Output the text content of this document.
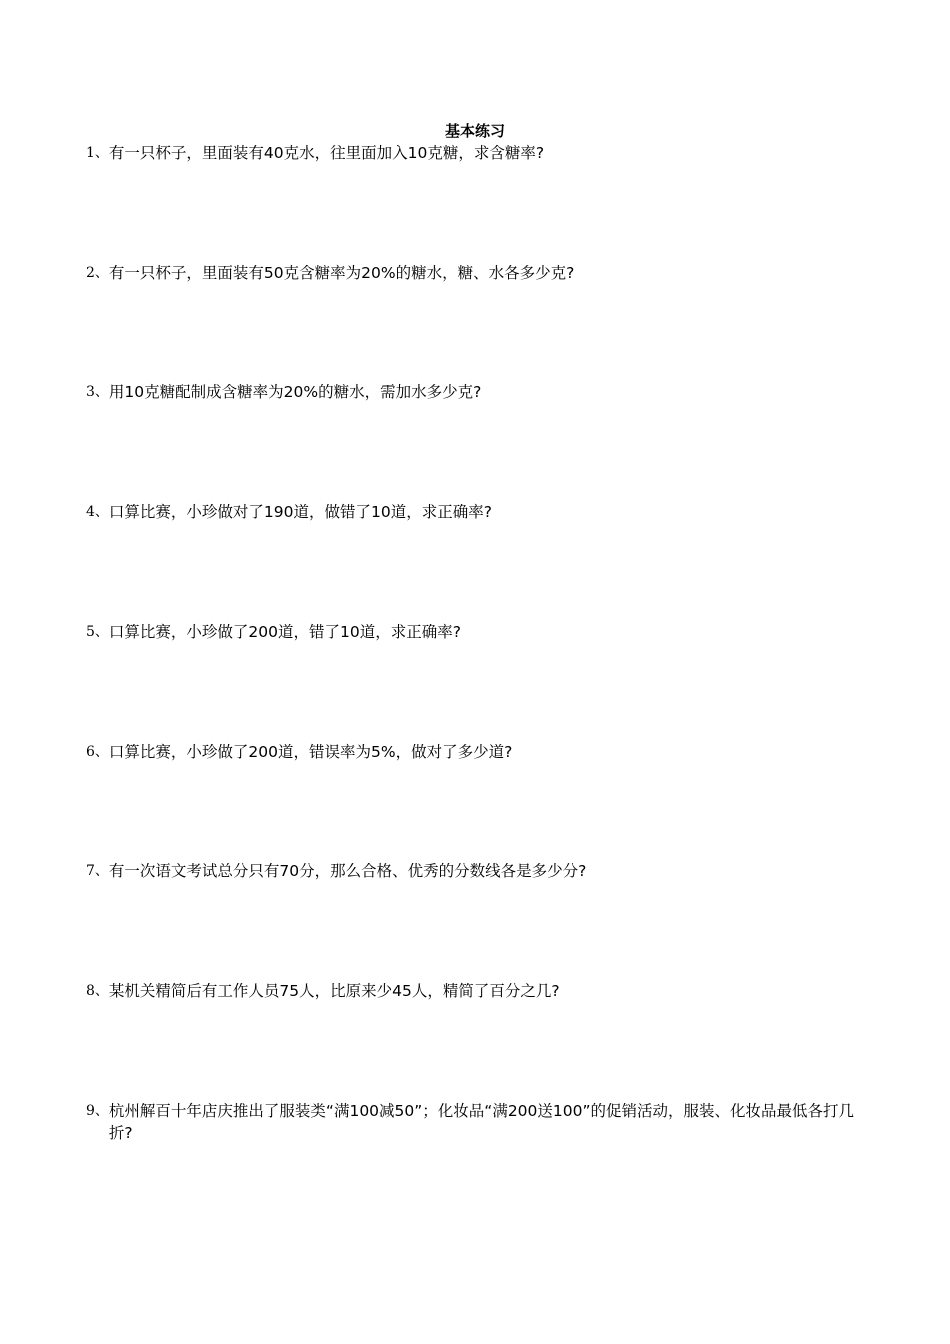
基本练习
1、 有一只杯子，里面装有40克水，往里面加入10克糖，求含糖率?
2、 有一只杯子，里面装有50克含糖率为20%的糖水，糖、水各多少克?
3、 用10克糖配制成含糖率为20%的糖水，需加水多少克?
4、 口算比赛，小珍做对了190道，做错了10道，求正确率?
5、 口算比赛，小珍做了200道，错了10道，求正确率?
6、 口算比赛，小珍做了200道，错误率为5%，做对了多少道?
7、 有一次语文考试总分只有70分，那么合格、优秀的分数线各是多少分?
8、 某机关精简后有工作人员75人，比原来少45人，精简了百分之几?
9、 杭州解百十年店庆推出了服装类“满100减50”；化妆品“满200送100”的促销活动，服装、化妆品最低各打几折?
